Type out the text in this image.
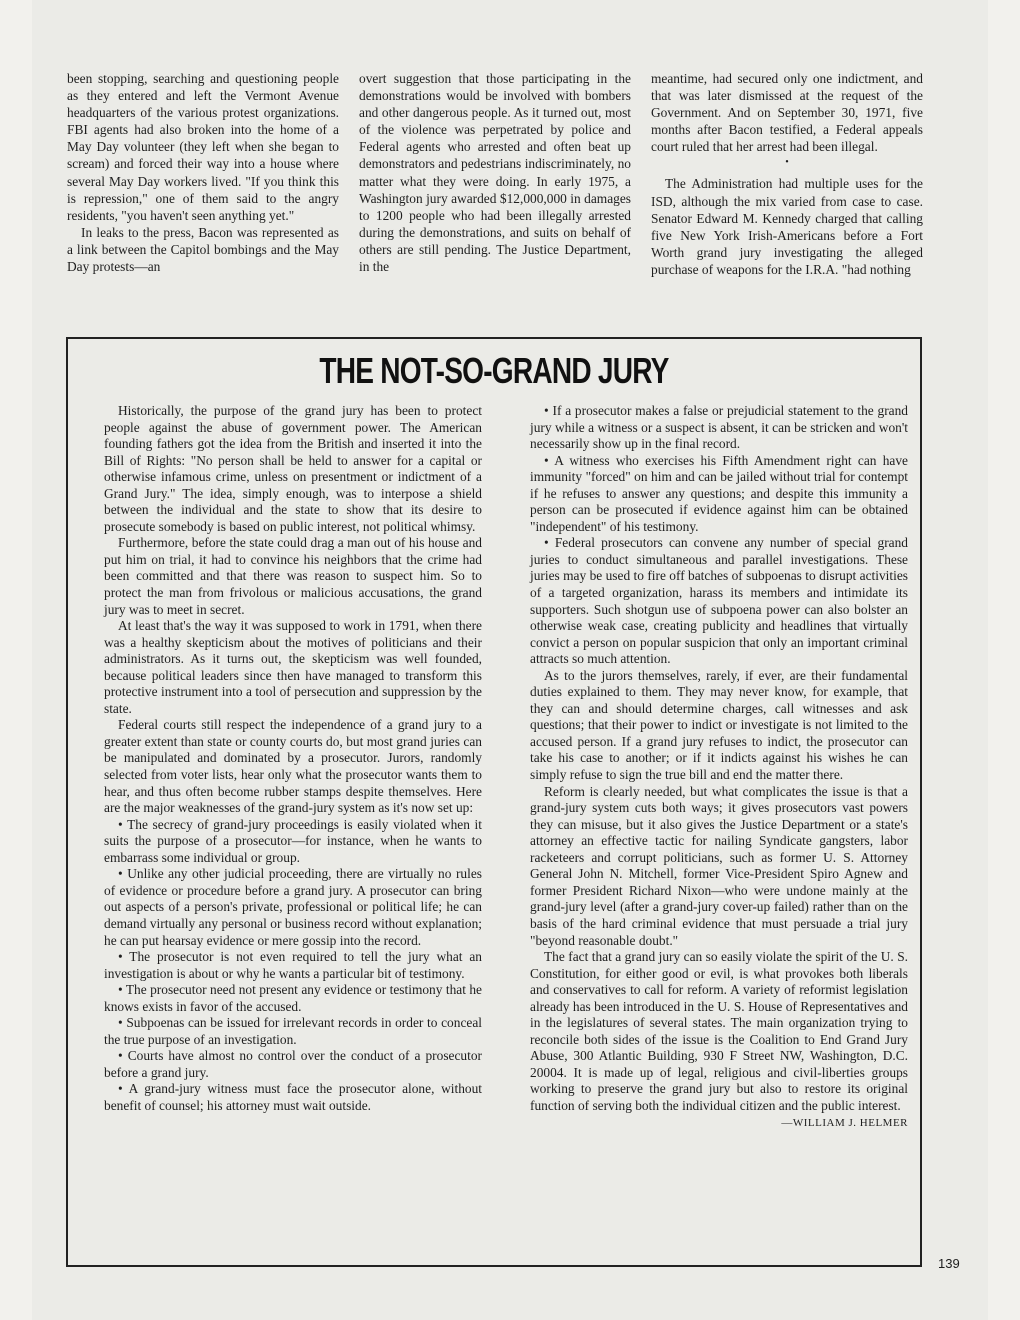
been stopping, searching and questioning people as they entered and left the Vermont Avenue headquarters of the various protest organizations. FBI agents had also broken into the home of a May Day volunteer (they left when she began to scream) and forced their way into a house where several May Day workers lived. "If you think this is repression," one of them said to the angry residents, "you haven't seen anything yet."

In leaks to the press, Bacon was represented as a link between the Capitol bombings and the May Day protests—an

overt suggestion that those participating in the demonstrations would be involved with bombers and other dangerous people. As it turned out, most of the violence was perpetrated by police and Federal agents who arrested and often beat up demonstrators and pedestrians indiscriminately, no matter what they were doing. In early 1975, a Washington jury awarded $12,000,000 in damages to 1200 people who had been illegally arrested during the demonstrations, and suits on behalf of others are still pending. The Justice Department, in the

meantime, had secured only one indictment, and that was later dismissed at the request of the Government. And on September 30, 1971, five months after Bacon testified, a Federal appeals court ruled that her arrest had been illegal.

•

The Administration had multiple uses for the ISD, although the mix varied from case to case. Senator Edward M. Kennedy charged that calling five New York Irish-Americans before a Fort Worth grand jury investigating the alleged purchase of weapons for the I.R.A. "had nothing

THE NOT-SO-GRAND JURY

Historically, the purpose of the grand jury has been to protect people against the abuse of government power. The American founding fathers got the idea from the British and inserted it into the Bill of Rights: "No person shall be held to answer for a capital or otherwise infamous crime, unless on presentment or indictment of a Grand Jury." The idea, simply enough, was to interpose a shield between the individual and the state to show that its desire to prosecute somebody is based on public interest, not political whimsy.

Furthermore, before the state could drag a man out of his house and put him on trial, it had to convince his neighbors that the crime had been committed and that there was reason to suspect him. So to protect the man from frivolous or malicious accusations, the grand jury was to meet in secret.

At least that's the way it was supposed to work in 1791, when there was a healthy skepticism about the motives of politicians and their administrators. As it turns out, the skepticism was well founded, because political leaders since then have managed to transform this protective instrument into a tool of persecution and suppression by the state.

Federal courts still respect the independence of a grand jury to a greater extent than state or county courts do, but most grand juries can be manipulated and dominated by a prosecutor. Jurors, randomly selected from voter lists, hear only what the prosecutor wants them to hear, and thus often become rubber stamps despite themselves. Here are the major weaknesses of the grand-jury system as it's now set up:

• The secrecy of grand-jury proceedings is easily violated when it suits the purpose of a prosecutor—for instance, when he wants to embarrass some individual or group.

• Unlike any other judicial proceeding, there are virtually no rules of evidence or procedure before a grand jury. A prosecutor can bring out aspects of a person's private, professional or political life; he can demand virtually any personal or business record without explanation; he can put hearsay evidence or mere gossip into the record.

• The prosecutor is not even required to tell the jury what an investigation is about or why he wants a particular bit of testimony.

• The prosecutor need not present any evidence or testimony that he knows exists in favor of the accused.

• Subpoenas can be issued for irrelevant records in order to conceal the true purpose of an investigation.

• Courts have almost no control over the conduct of a prosecutor before a grand jury.

• A grand-jury witness must face the prosecutor alone, without benefit of counsel; his attorney must wait outside.

• If a prosecutor makes a false or prejudicial statement to the grand jury while a witness or a suspect is absent, it can be stricken and won't necessarily show up in the final record.

• A witness who exercises his Fifth Amendment right can have immunity "forced" on him and can be jailed without trial for contempt if he refuses to answer any questions; and despite this immunity a person can be prosecuted if evidence against him can be obtained "independent" of his testimony.

• Federal prosecutors can convene any number of special grand juries to conduct simultaneous and parallel investigations. These juries may be used to fire off batches of subpoenas to disrupt activities of a targeted organization, harass its members and intimidate its supporters. Such shotgun use of subpoena power can also bolster an otherwise weak case, creating publicity and headlines that virtually convict a person on popular suspicion that only an important criminal attracts so much attention.

As to the jurors themselves, rarely, if ever, are their fundamental duties explained to them. They may never know, for example, that they can and should determine charges, call witnesses and ask questions; that their power to indict or investigate is not limited to the accused person. If a grand jury refuses to indict, the prosecutor can take his case to another; or if it indicts against his wishes he can simply refuse to sign the true bill and end the matter there.

Reform is clearly needed, but what complicates the issue is that a grand-jury system cuts both ways; it gives prosecutors vast powers they can misuse, but it also gives the Justice Department or a state's attorney an effective tactic for nailing Syndicate gangsters, labor racketeers and corrupt politicians, such as former U. S. Attorney General John N. Mitchell, former Vice-President Spiro Agnew and former President Richard Nixon—who were undone mainly at the grand-jury level (after a grand-jury cover-up failed) rather than on the basis of the hard criminal evidence that must persuade a trial jury "beyond reasonable doubt."

The fact that a grand jury can so easily violate the spirit of the U. S. Constitution, for either good or evil, is what provokes both liberals and conservatives to call for reform. A variety of reformist legislation already has been introduced in the U. S. House of Representatives and in the legislatures of several states. The main organization trying to reconcile both sides of the issue is the Coalition to End Grand Jury Abuse, 300 Atlantic Building, 930 F Street NW, Washington, D.C. 20004. It is made up of legal, religious and civil-liberties groups working to preserve the grand jury but also to restore its original function of serving both the individual citizen and the public interest.
—WILLIAM J. HELMER

139
